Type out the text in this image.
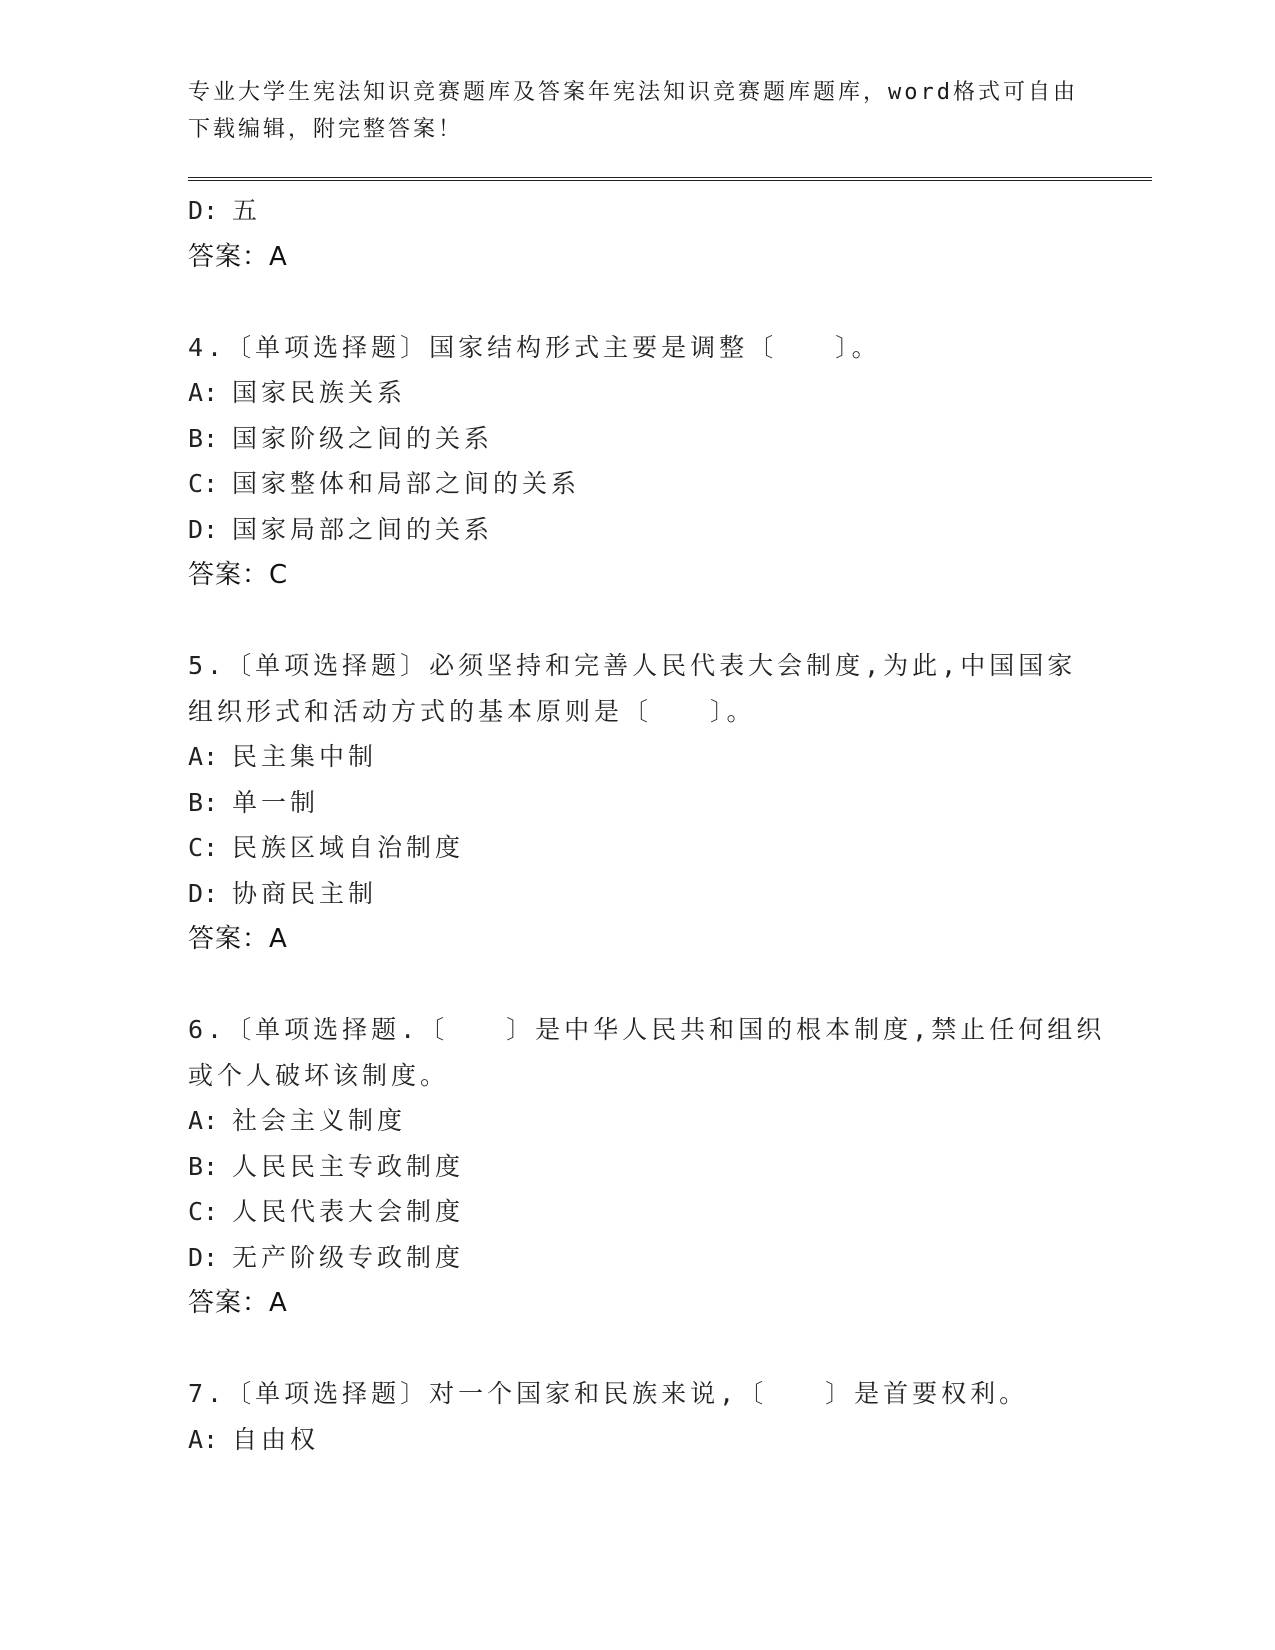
专业大学生宪法知识竞赛题库及答案年宪法知识竞赛题库题库，word格式可自由下载编辑，附完整答案！
D: 五
答案：A
4.〔单项选择题〕国家结构形式主要是调整〔　　〕。
A: 国家民族关系
B: 国家阶级之间的关系
C: 国家整体和局部之间的关系
D: 国家局部之间的关系
答案：C
5.〔单项选择题〕必须坚持和完善人民代表大会制度,为此,中国国家
组织形式和活动方式的基本原则是〔　　〕。
A: 民主集中制
B: 单一制
C: 民族区域自治制度
D: 协商民主制
答案：A
6.〔单项选择题.〔　　〕是中华人民共和国的根本制度,禁止任何组织
或个人破坏该制度。
A: 社会主义制度
B: 人民民主专政制度
C: 人民代表大会制度
D: 无产阶级专政制度
答案：A
7.〔单项选择题〕对一个国家和民族来说,〔　　〕是首要权利。
A: 自由权
